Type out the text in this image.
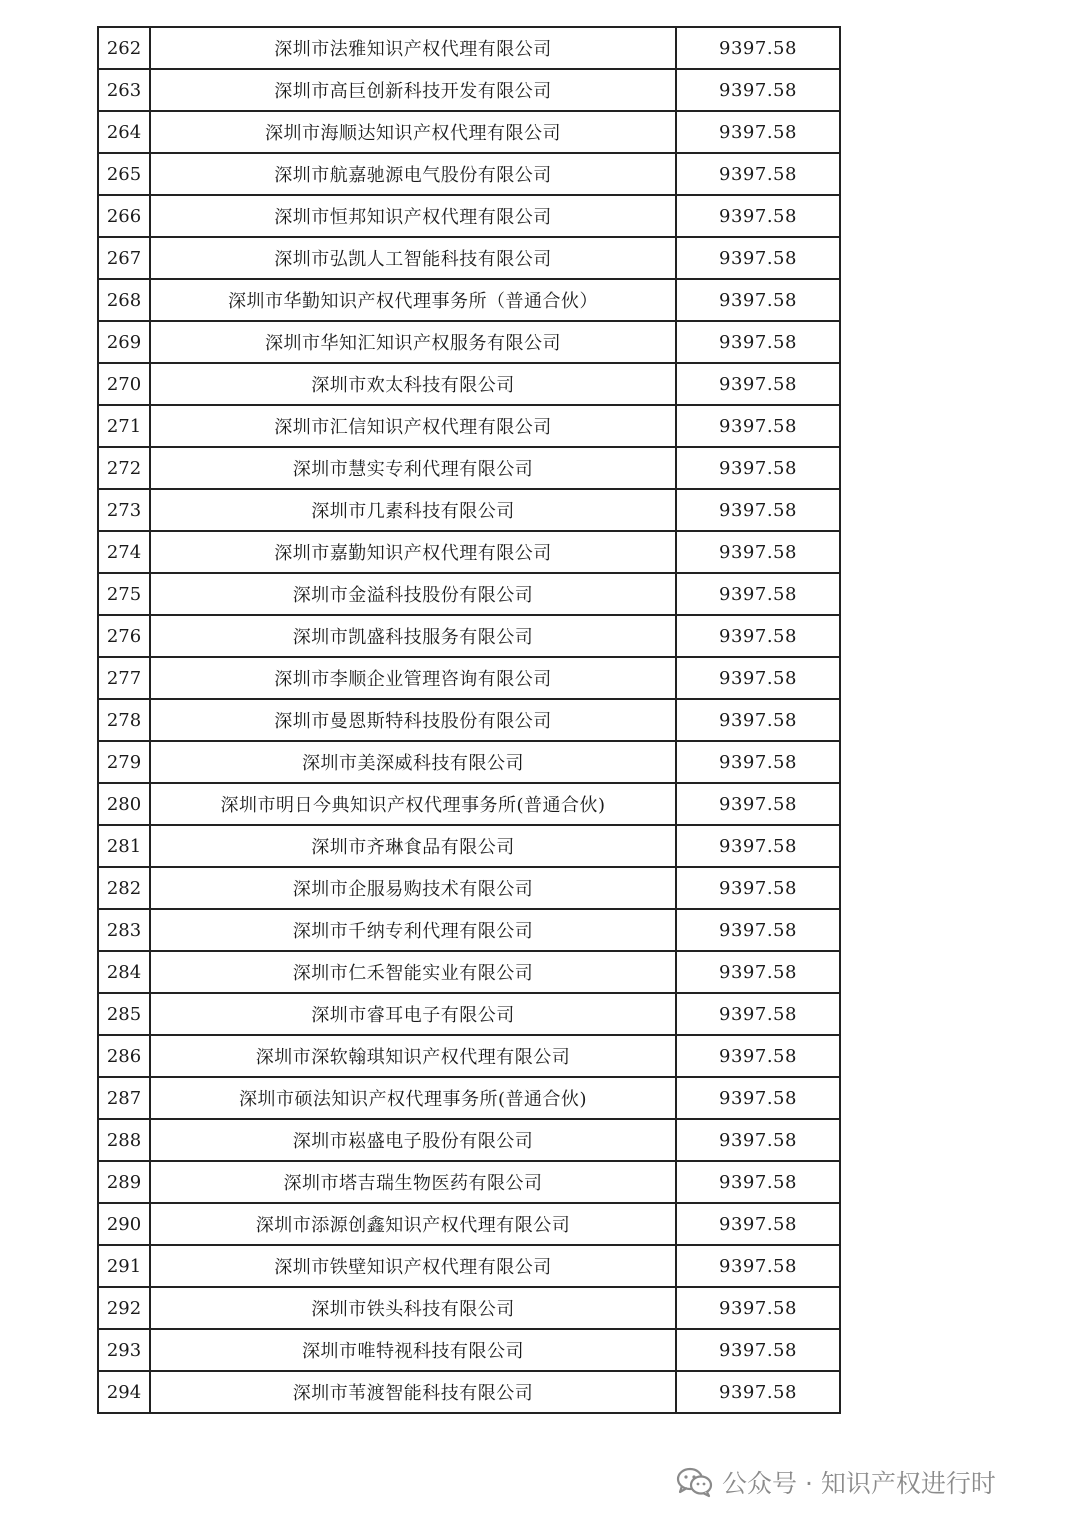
262	深圳市法雅知识产权代理有限公司	9397.58
263	深圳市高巨创新科技开发有限公司	9397.58
264	深圳市海顺达知识产权代理有限公司	9397.58
265	深圳市航嘉驰源电气股份有限公司	9397.58
266	深圳市恒邦知识产权代理有限公司	9397.58
267	深圳市弘凯人工智能科技有限公司	9397.58
268	深圳市华勤知识产权代理事务所（普通合伙）	9397.58
269	深圳市华知汇知识产权服务有限公司	9397.58
270	深圳市欢太科技有限公司	9397.58
271	深圳市汇信知识产权代理有限公司	9397.58
272	深圳市慧实专利代理有限公司	9397.58
273	深圳市几素科技有限公司	9397.58
274	深圳市嘉勤知识产权代理有限公司	9397.58
275	深圳市金溢科技股份有限公司	9397.58
276	深圳市凯盛科技服务有限公司	9397.58
277	深圳市李顺企业管理咨询有限公司	9397.58
278	深圳市曼恩斯特科技股份有限公司	9397.58
279	深圳市美深威科技有限公司	9397.58
280	深圳市明日今典知识产权代理事务所(普通合伙)	9397.58
281	深圳市齐琳食品有限公司	9397.58
282	深圳市企服易购技术有限公司	9397.58
283	深圳市千纳专利代理有限公司	9397.58
284	深圳市仁禾智能实业有限公司	9397.58
285	深圳市睿耳电子有限公司	9397.58
286	深圳市深软翰琪知识产权代理有限公司	9397.58
287	深圳市硕法知识产权代理事务所(普通合伙)	9397.58
288	深圳市崧盛电子股份有限公司	9397.58
289	深圳市塔吉瑞生物医药有限公司	9397.58
290	深圳市添源创鑫知识产权代理有限公司	9397.58
291	深圳市铁壁知识产权代理有限公司	9397.58
292	深圳市铁头科技有限公司	9397.58
293	深圳市唯特视科技有限公司	9397.58
294	深圳市苇渡智能科技有限公司	9397.58
公众号 · 知识产权进行时
